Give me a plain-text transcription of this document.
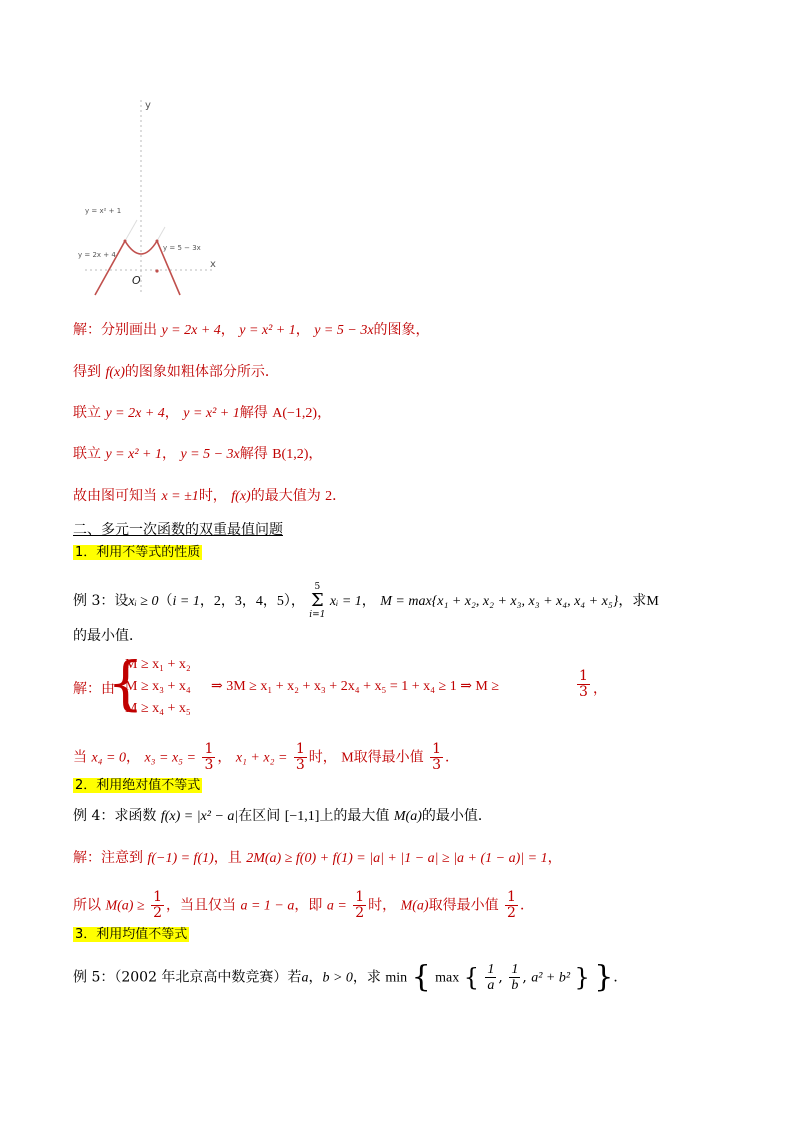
y
x
O
y = x² + 1
y = 2x + 4
y = 5 − 3x
解：分别画出 y = 2x + 4， y = x² + 1， y = 5 − 3x的图象，
得到 f(x)的图象如粗体部分所示．
联立 y = 2x + 4， y = x² + 1解得 A(−1,2)，
联立 y = x² + 1， y = 5 − 3x解得 B(1,2)，
故由图可知当 x = ±1时， f(x)的最大值为 2．
二、多元一次函数的双重最值问题
1．利用不等式的性质
例 3：设xᵢ ≥ 0（i = 1，2，3，4，5），
5
Σ
i=1
xᵢ = 1， M = max{x₁ + x₂, x₂ + x₃, x₃ + x₄, x₄ + x₅}，求M
的最小值．
解：由
{
M ≥ x₁ + x₂
M ≥ x₃ + x₄
M ≥ x₄ + x₅
⇒ 3M ≥ x₁ + x₂ + x₃ + 2x₄ + x₅ = 1 + x₄ ≥ 1 ⇒ M ≥	$\frac{1}{3}$ ，
当 x₄ = 0， $x_3 = x_5 = \frac{1}{3}$ ， $x_1 + x_2 = \frac{1}{3}$ 时， M取得最小值 $\frac{1}{3}$ ．
2．利用绝对值不等式
例 4：求函数 f(x) = |x² − a|在区间 [−1,1]上的最大值 M(a)的最小值．
解：注意到 f(−1) = f(1)，且 2M(a) ≥ f(0) + f(1) = |a| + |1 − a| ≥ |a + (1 − a)| = 1，
所以 $M(a) \ge \frac{1}{2}$ ，当且仅当 a = 1 − a，即 $a = \frac{1}{2}$ 时， M(a)取得最小值 $\frac{1}{2}$ ．
3．利用均值不等式
例 5：（2002 年北京高中数竞赛）若a，b > 0，求 min { max { $\frac{1}{a}$ , $\frac{1}{b}$ , a² + b² } }．
